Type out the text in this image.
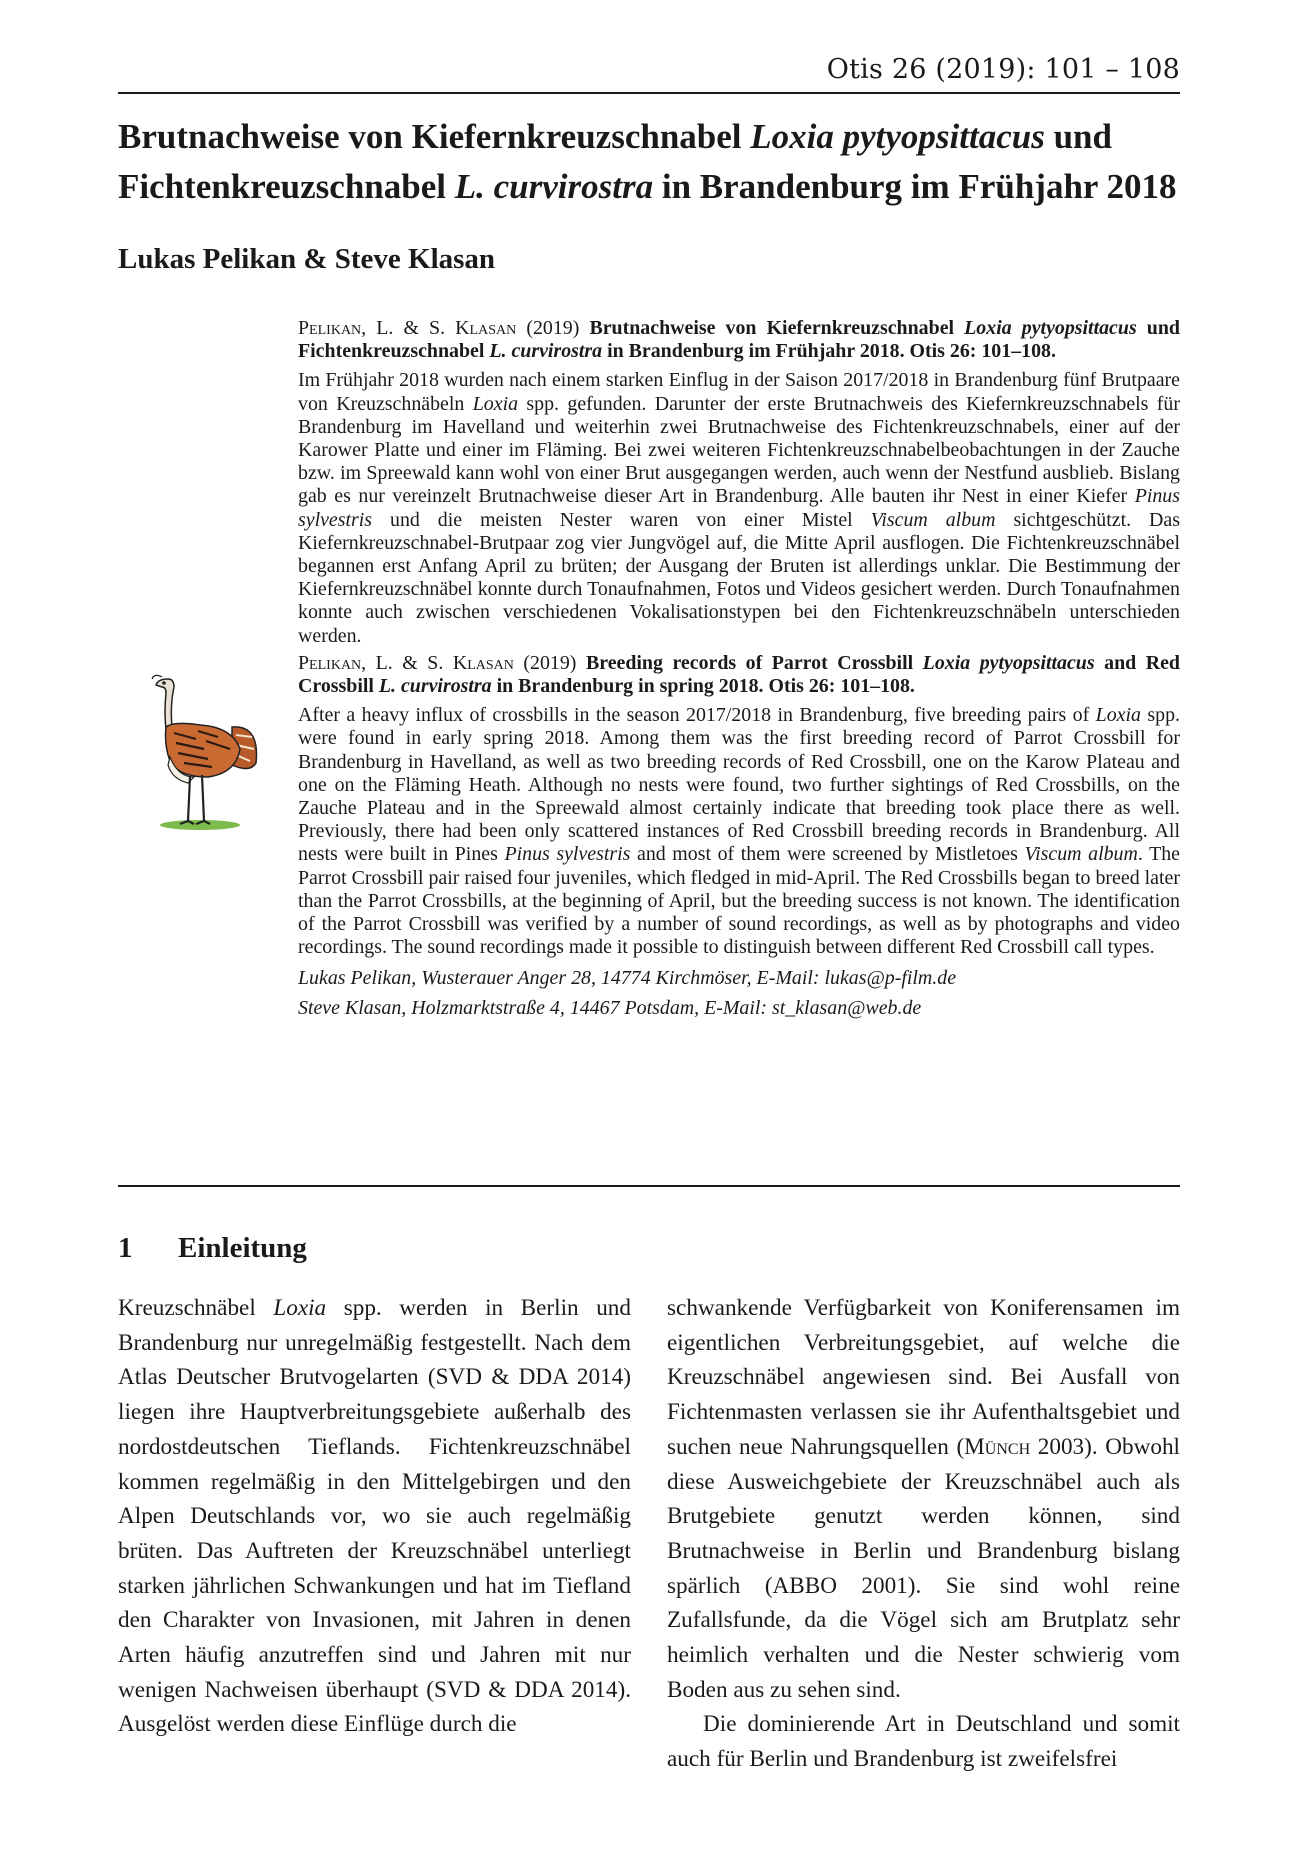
Otis 26 (2019): 101 – 108
Brutnachweise von Kiefernkreuzschnabel Loxia pytyopsittacus und Fichtenkreuzschnabel L. curvirostra in Brandenburg im Frühjahr 2018
Lukas Pelikan & Steve Klasan

Pelikan, L. & S. Klasan (2019) Brutnachweise von Kiefernkreuzschnabel Loxia pytyopsittacus und Fichtenkreuzschnabel L. curvirostra in Brandenburg im Frühjahr 2018. Otis 26: 101–108.

Im Frühjahr 2018 wurden nach einem starken Einflug in der Saison 2017/2018 in Brandenburg fünf Brutpaare von Kreuzschnäbeln Loxia spp. gefunden. Darunter der erste Brutnachweis des Kiefernkreuzschnabels für Brandenburg im Havelland und weiterhin zwei Brutnachweise des Fichtenkreuzschnabels, einer auf der Karower Platte und einer im Fläming. Bei zwei weiteren Fichtenkreuzschnabelbeobachtungen in der Zauche bzw. im Spreewald kann wohl von einer Brut ausgegangen werden, auch wenn der Nestfund ausblieb. Bislang gab es nur vereinzelt Brutnachweise dieser Art in Brandenburg. Alle bauten ihr Nest in einer Kiefer Pinus sylvestris und die meisten Nester waren von einer Mistel Viscum album sichtgeschützt. Das Kiefernkreuzschnabel-Brutpaar zog vier Jungvögel auf, die Mitte April ausflogen. Die Fichtenkreuzschnäbel begannen erst Anfang April zu brüten; der Ausgang der Bruten ist allerdings unklar. Die Bestimmung der Kiefernkreuzschnäbel konnte durch Tonaufnahmen, Fotos und Videos gesichert werden. Durch Tonaufnahmen konnte auch zwischen verschiedenen Vokalisationstypen bei den Fichtenkreuzschnäbeln unterschieden werden.

Pelikan, L. & S. Klasan (2019) Breeding records of Parrot Crossbill Loxia pytyopsittacus and Red Crossbill L. curvirostra in Brandenburg in spring 2018. Otis 26: 101–108.

After a heavy influx of crossbills in the season 2017/2018 in Brandenburg, five breeding pairs of Loxia spp. were found in early spring 2018. Among them was the first breeding record of Parrot Crossbill for Brandenburg in Havelland, as well as two breeding records of Red Crossbill, one on the Karow Plateau and one on the Fläming Heath. Although no nests were found, two further sightings of Red Crossbills, on the Zauche Plateau and in the Spreewald almost certainly indicate that breeding took place there as well. Previously, there had been only scattered instances of Red Crossbill breeding records in Brandenburg. All nests were built in Pines Pinus sylvestris and most of them were screened by Mistletoes Viscum album. The Parrot Crossbill pair raised four juveniles, which fledged in mid-April. The Red Crossbills began to breed later than the Parrot Crossbills, at the beginning of April, but the breeding success is not known. The identification of the Parrot Crossbill was verified by a number of sound recordings, as well as by photographs and video recordings. The sound recordings made it possible to distinguish between different Red Crossbill call types.

Lukas Pelikan, Wusterauer Anger 28, 14774 Kirchmöser, E-Mail: lukas@p-film.de

Steve Klasan, Holzmarktstraße 4, 14467 Potsdam, E-Mail: st_klasan@web.de

1 Einleitung

Kreuzschnäbel Loxia spp. werden in Berlin und Brandenburg nur unregelmäßig festgestellt. Nach dem Atlas Deutscher Brutvogelarten (SVD & DDA 2014) liegen ihre Hauptverbreitungsgebiete außerhalb des nordostdeutschen Tieflands. Fichtenkreuzschnäbel kommen regelmäßig in den Mittelgebirgen und den Alpen Deutschlands vor, wo sie auch regelmäßig brüten. Das Auftreten der Kreuzschnäbel unterliegt starken jährlichen Schwankungen und hat im Tiefland den Charakter von Invasionen, mit Jahren in denen Arten häufig anzutreffen sind und Jahren mit nur wenigen Nachweisen überhaupt (SVD & DDA 2014). Ausgelöst werden diese Einflüge durch die

schwankende Verfügbarkeit von Koniferensamen im eigentlichen Verbreitungsgebiet, auf welche die Kreuzschnäbel angewiesen sind. Bei Ausfall von Fichtenmasten verlassen sie ihr Aufenthaltsgebiet und suchen neue Nahrungsquellen (Münch 2003). Obwohl diese Ausweichgebiete der Kreuzschnäbel auch als Brutgebiete genutzt werden können, sind Brutnachweise in Berlin und Brandenburg bislang spärlich (ABBO 2001). Sie sind wohl reine Zufallsfunde, da die Vögel sich am Brutplatz sehr heimlich verhalten und die Nester schwierig vom Boden aus zu sehen sind.

Die dominierende Art in Deutschland und somit auch für Berlin und Brandenburg ist zweifelsfrei
